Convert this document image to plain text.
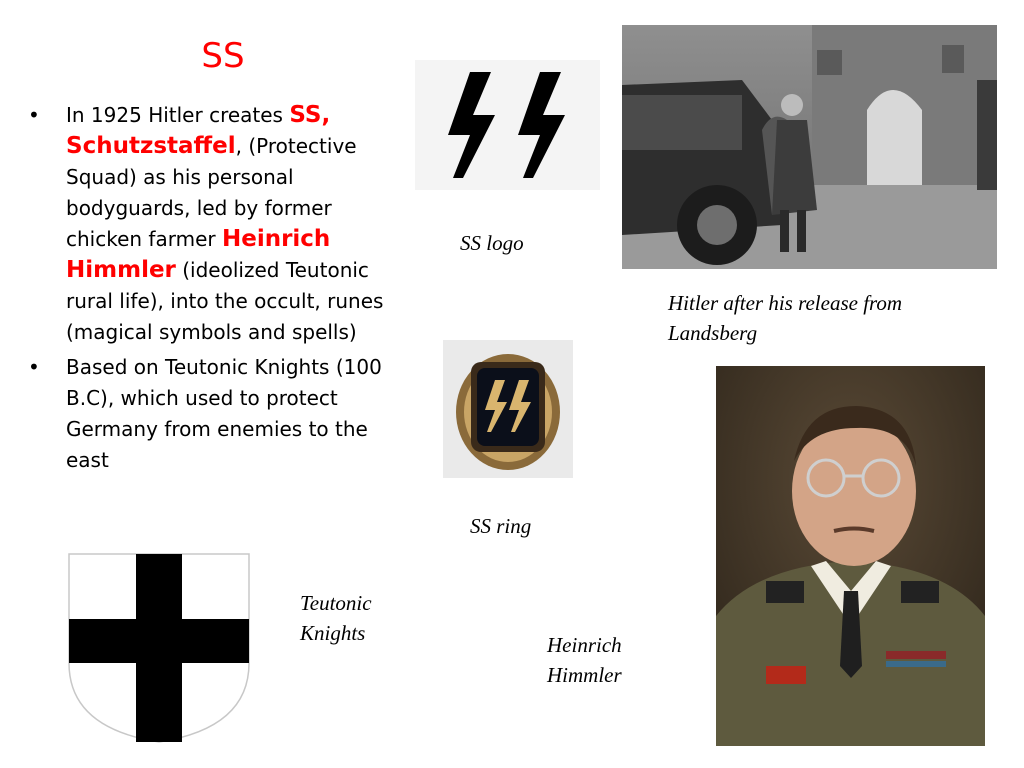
SS
• In 1925 Hitler creates SS, Schutzstaffel, (Protective Squad) as his personal bodyguards, led by former chicken farmer Heinrich Himmler (ideolized Teutonic rural life), into the occult, runes (magical symbols and spells)
• Based on Teutonic Knights (100 B.C), which used to protect Germany from enemies to the east
SS logo
Hitler after his release from
Landsberg
SS ring
Teutonic
Knights	Heinrich
Himmler
